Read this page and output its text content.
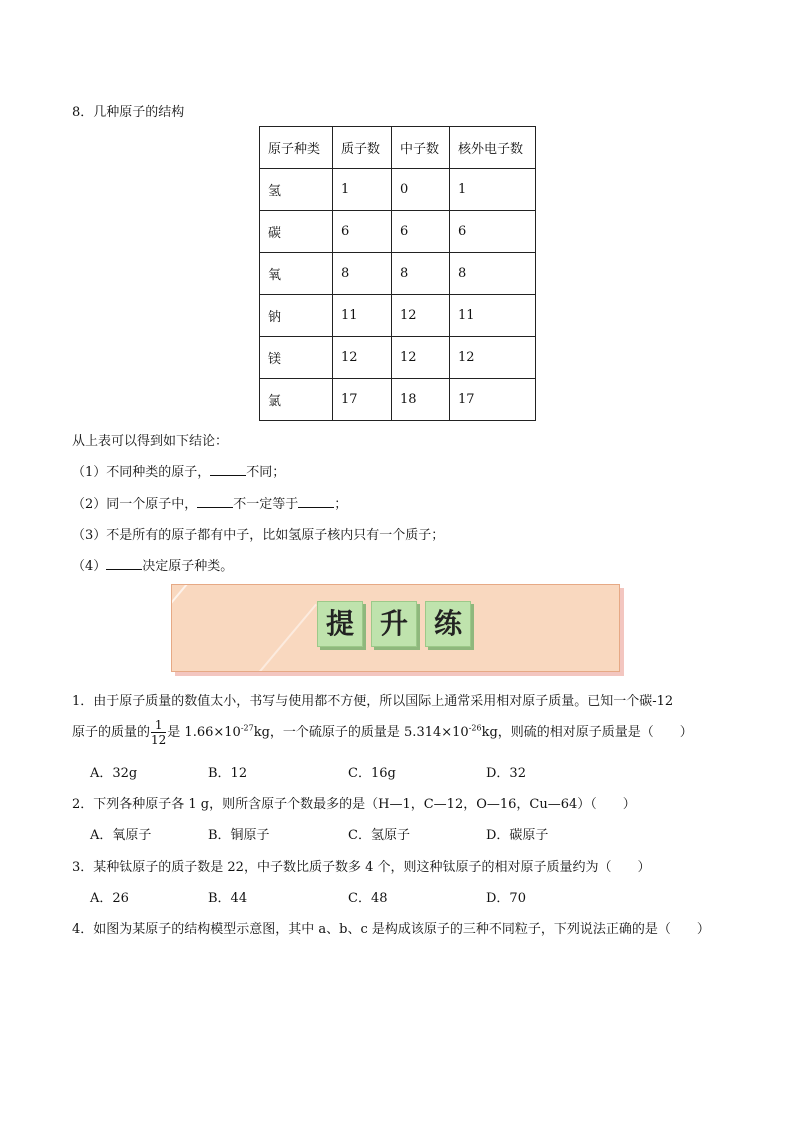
8．几种原子的结构
原子种类	质子数	中子数	核外电子数
氢	1	0	1
碳	6	6	6
氧	8	8	8
钠	11	12	11
镁	12	12	12
氯	17	18	17
从上表可以得到如下结论：
（1）不同种类的原子，	不同；
（2）同一个原子中，	不一定等于	；
（3）不是所有的原子都有中子，比如氢原子核内只有一个质子；
（4）	决定原子种类。
提 升 练
1．由于原子质量的数值太小，书写与使用都不方便，所以国际上通常采用相对原子质量。已知一个碳-12
原子的质量的 $\frac{1}{12}$ 是 $1.66\times 10^{-27}kg$，一个硫原子的质量是 $5.314\times 10^{-26}kg$，则硫的相对原子质量是（　　）
A．32g	B．12	C．16g	D．32
2．下列各种原子各 1 g，则所含原子个数最多的是（H—1，C—12，O—16，Cu—64）（　　）
A．氧原子	B．铜原子	C．氢原子	D．碳原子
3．某种钛原子的质子数是 22，中子数比质子数多 4 个，则这种钛原子的相对原子质量约为（　　）
A．26	B．44	C．48	D．70
4．如图为某原子的结构模型示意图，其中 a、b、c 是构成该原子的三种不同粒子，下列说法正确的是（　　）
